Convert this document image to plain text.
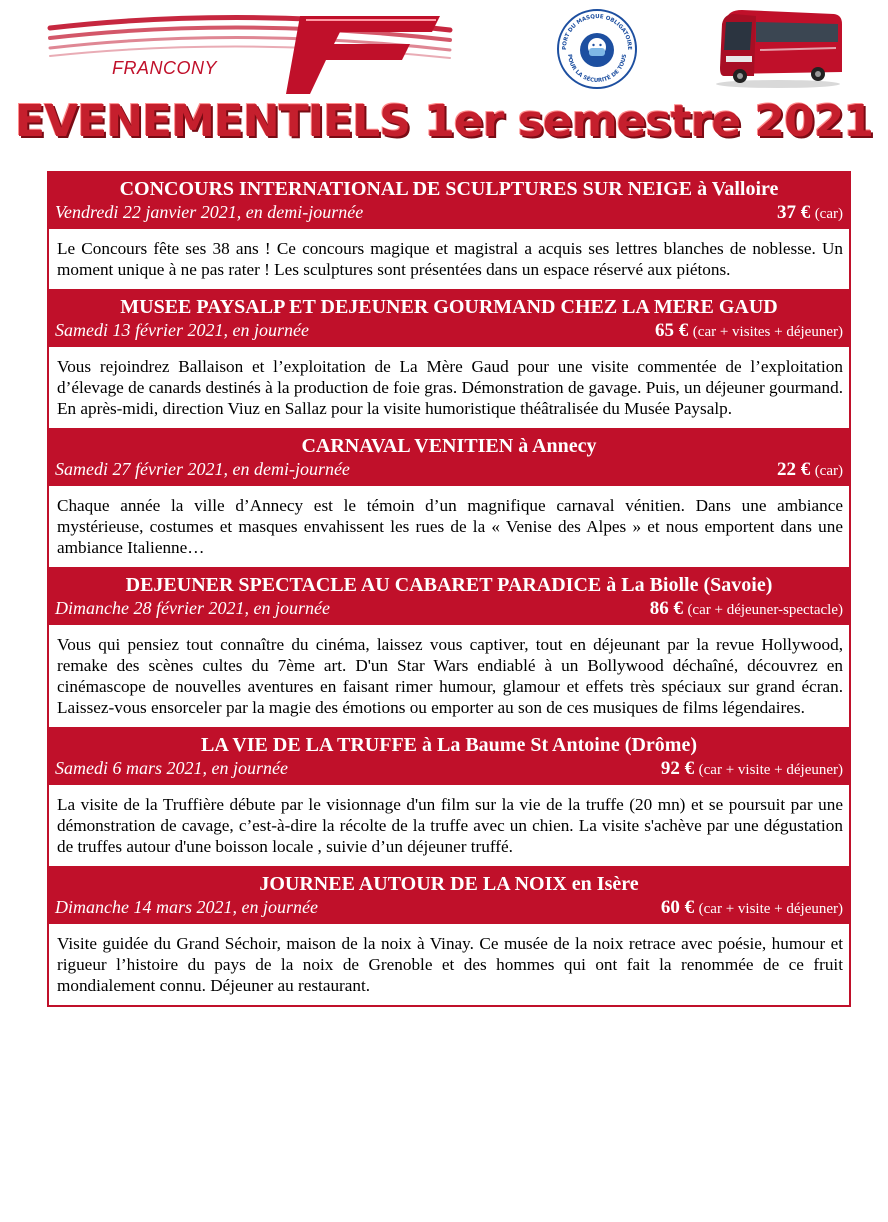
FRANCONY
PORT DU MASQUE OBLIGATOIRE
POUR LA SÉCURITÉ DE TOUS
EVENEMENTIELS 1er semestre 2021
CONCOURS INTERNATIONAL DE SCULPTURES SUR NEIGE à Valloire
Vendredi 22 janvier 2021, en demi-journée	37 € (car)
Le Concours fête ses 38 ans ! Ce concours magique et magistral a acquis ses lettres blanches de noblesse. Un moment unique à ne pas rater ! Les sculptures sont présentées dans un espace réservé aux piétons.
MUSEE PAYSALP ET DEJEUNER GOURMAND CHEZ LA MERE GAUD
Samedi 13 février 2021, en journée	65 € (car + visites + déjeuner)
Vous rejoindrez Ballaison et l’exploitation de La Mère Gaud pour une visite commentée de l’exploitation d’élevage de canards destinés à la production de foie gras. Démonstration de gavage. Puis, un déjeuner gourmand. En après-midi, direction Viuz en Sallaz pour la visite humoristique théâtralisée du Musée Paysalp.
CARNAVAL VENITIEN à Annecy
Samedi 27 février 2021, en demi-journée	22 € (car)
Chaque année la ville d’Annecy est le témoin d’un magnifique carnaval vénitien. Dans une ambiance mystérieuse, costumes et masques envahissent les rues de la « Venise des Alpes » et nous emportent dans une ambiance Italienne…
DEJEUNER SPECTACLE AU CABARET PARADICE à La Biolle (Savoie)
Dimanche 28 février 2021, en journée	86 € (car + déjeuner-spectacle)
Vous qui pensiez tout connaître du cinéma, laissez vous captiver, tout en déjeunant par la revue Hollywood, remake des scènes cultes du 7ème art. D'un Star Wars endiablé à un Bollywood déchaîné, découvrez en cinémascope de nouvelles aventures en faisant rimer humour, glamour et effets très spéciaux sur grand écran. Laissez-vous ensorceler par la magie des émotions ou emporter au son de ces musiques de films légendaires.
LA VIE DE LA TRUFFE à La Baume St Antoine (Drôme)
Samedi 6 mars 2021, en journée	92 € (car + visite + déjeuner)
La visite de la Truffière débute par le visionnage d'un film sur la vie de la truffe (20 mn) et se poursuit par une démonstration de cavage, c’est-à-dire la récolte de la truffe avec un chien. La visite s'achève par une dégustation de truffes autour d'une boisson locale , suivie d’un déjeuner truffé.
JOURNEE AUTOUR DE LA NOIX en Isère
Dimanche 14 mars 2021, en journée	60 € (car + visite + déjeuner)
Visite guidée du Grand Séchoir, maison de la noix à Vinay. Ce musée de la noix retrace avec poésie, humour et rigueur l’histoire du pays de la noix de Grenoble et des hommes qui ont fait la renommée de ce fruit mondialement connu. Déjeuner au restaurant.
